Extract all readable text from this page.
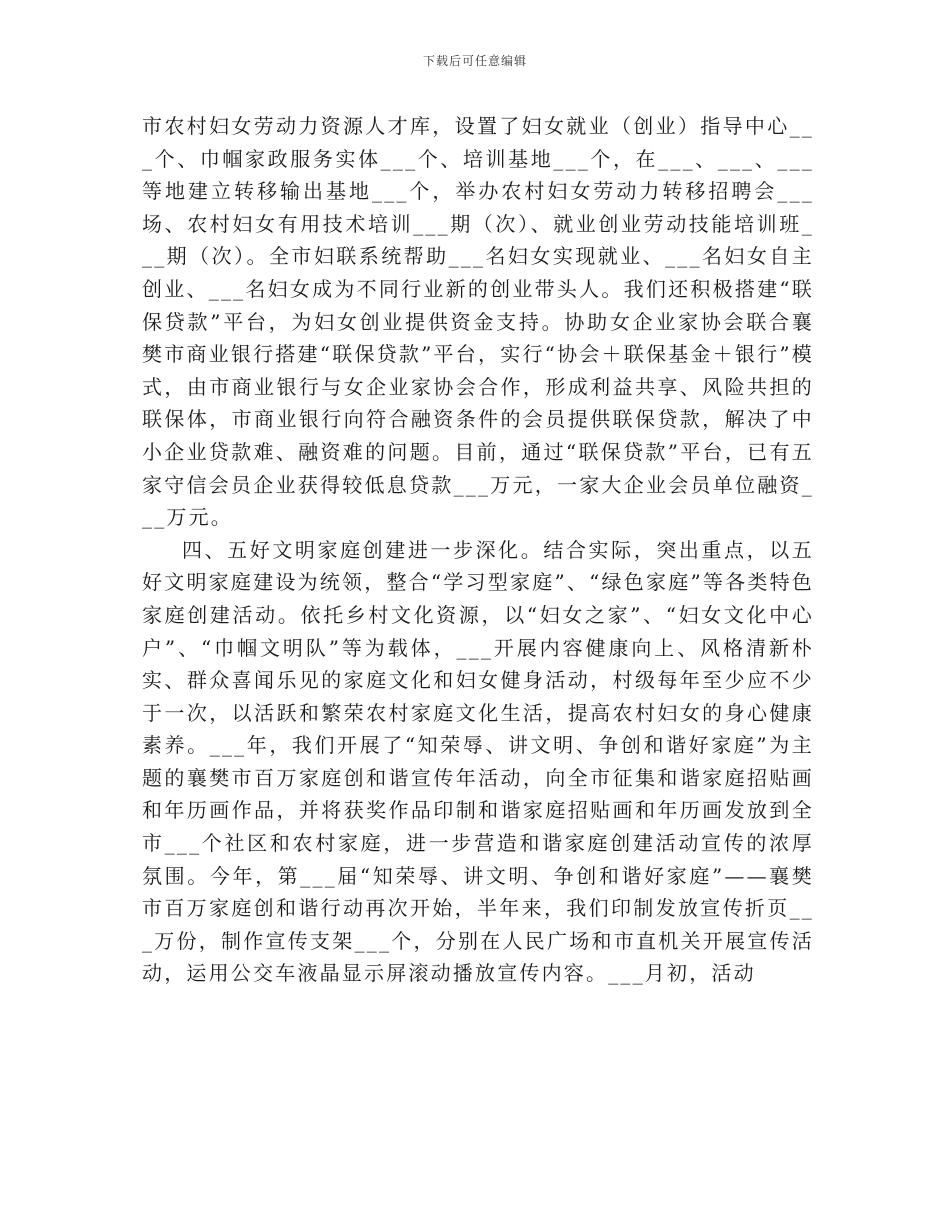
下载后可任意编辑

市农村妇女劳动力资源人才库，设置了妇女就业（创业）指导中心___个、巾帼家政服务实体___个、培训基地___个，在___、___、___等地建立转移输出基地___个，举办农村妇女劳动力转移招聘会___场、农村妇女有用技术培训___期（次）、就业创业劳动技能培训班___期（次）。全市妇联系统帮助___名妇女实现就业、___名妇女自主创业、___名妇女成为不同行业新的创业带头人。我们还积极搭建“联保贷款”平台，为妇女创业提供资金支持。协助女企业家协会联合襄樊市商业银行搭建“联保贷款”平台，实行“协会＋联保基金＋银行”模式，由市商业银行与女企业家协会合作，形成利益共享、风险共担的联保体，市商业银行向符合融资条件的会员提供联保贷款，解决了中小企业贷款难、融资难的问题。目前，通过“联保贷款”平台，已有五家守信会员企业获得较低息贷款___万元，一家大企业会员单位融资___万元。

四、五好文明家庭创建进一步深化。结合实际，突出重点，以五好文明家庭建设为统领，整合“学习型家庭”、“绿色家庭”等各类特色家庭创建活动。依托乡村文化资源，以“妇女之家”、“妇女文化中心户”、“巾帼文明队”等为载体，___开展内容健康向上、风格清新朴实、群众喜闻乐见的家庭文化和妇女健身活动，村级每年至少应不少于一次，以活跃和繁荣农村家庭文化生活，提高农村妇女的身心健康素养。___年，我们开展了“知荣辱、讲文明、争创和谐好家庭”为主题的襄樊市百万家庭创和谐宣传年活动，向全市征集和谐家庭招贴画和年历画作品，并将获奖作品印制和谐家庭招贴画和年历画发放到全市___个社区和农村家庭，进一步营造和谐家庭创建活动宣传的浓厚氛围。今年，第___届“知荣辱、讲文明、争创和谐好家庭”——襄樊市百万家庭创和谐行动再次开始，半年来，我们印制发放宣传折页___万份，制作宣传支架___个，分别在人民广场和市直机关开展宣传活动，运用公交车液晶显示屏滚动播放宣传内容。___月初，活动
